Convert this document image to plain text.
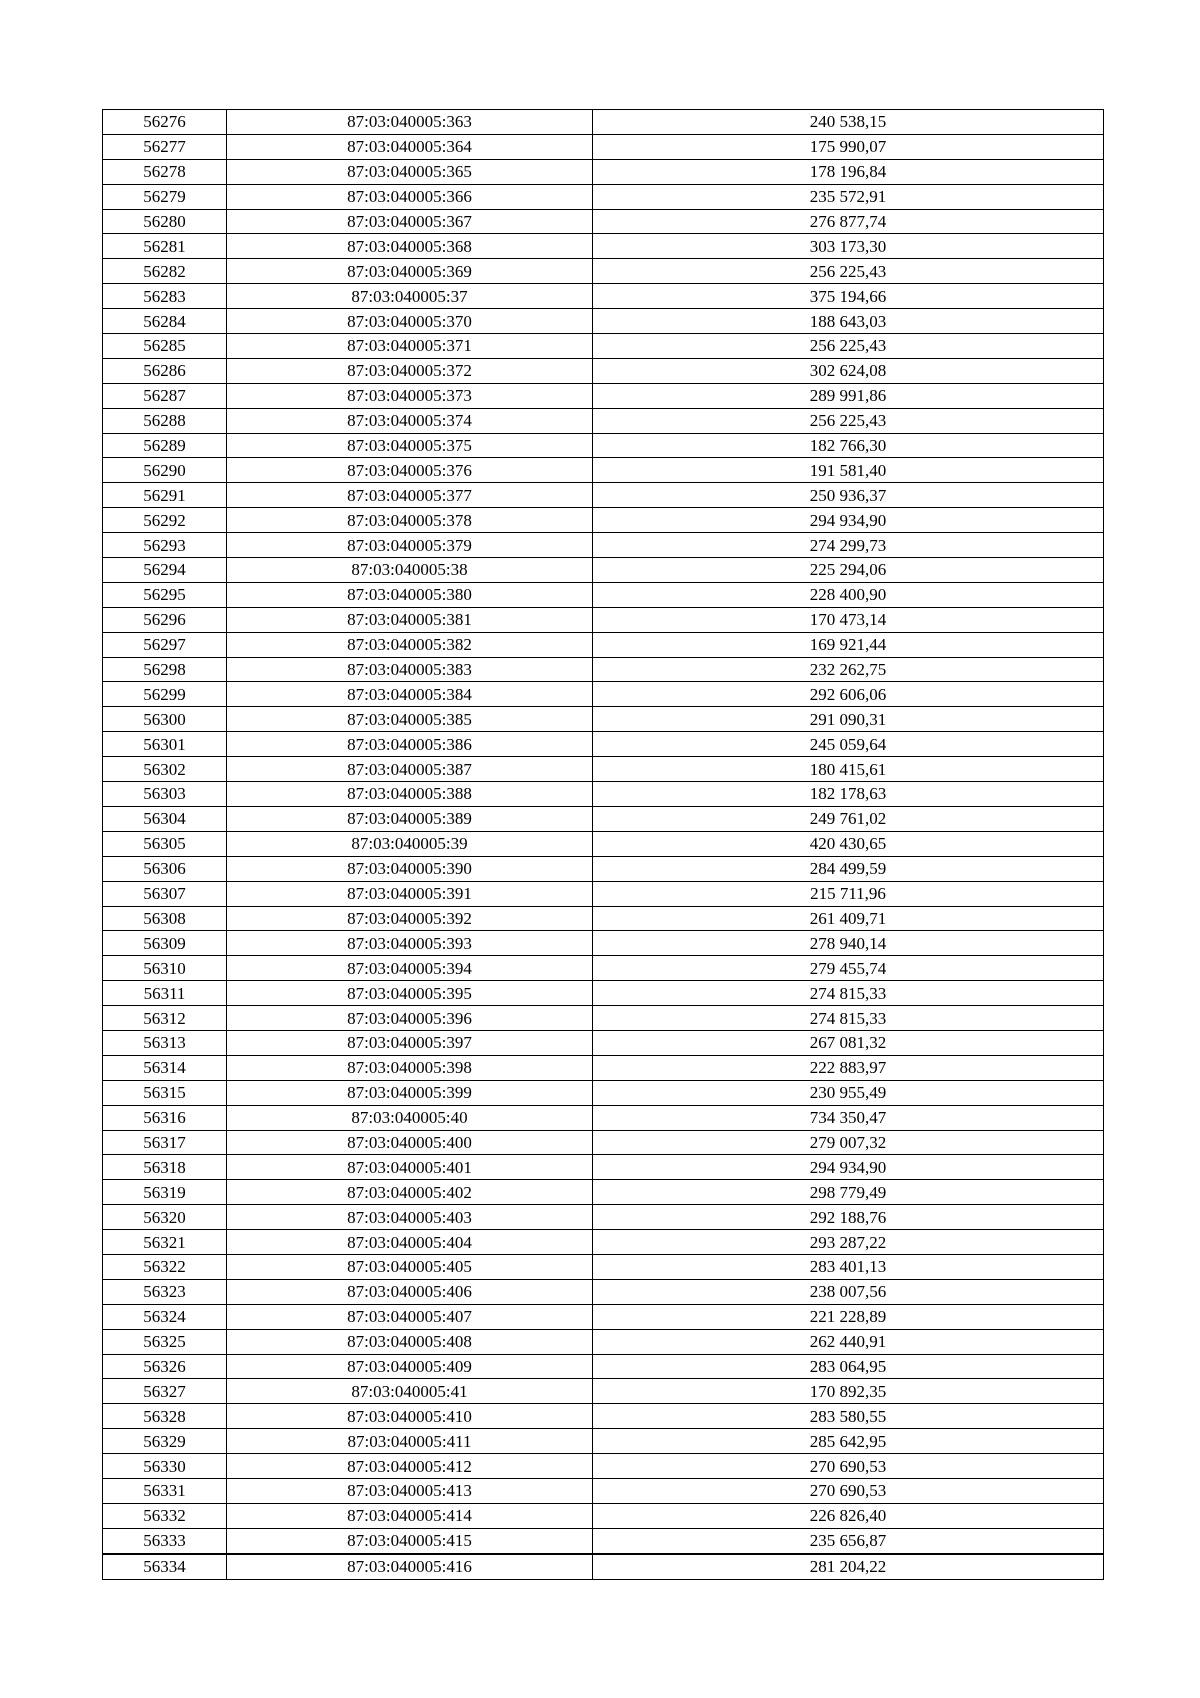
56276	87:03:040005:363	240 538,15
56277	87:03:040005:364	175 990,07
56278	87:03:040005:365	178 196,84
56279	87:03:040005:366	235 572,91
56280	87:03:040005:367	276 877,74
56281	87:03:040005:368	303 173,30
56282	87:03:040005:369	256 225,43
56283	87:03:040005:37	375 194,66
56284	87:03:040005:370	188 643,03
56285	87:03:040005:371	256 225,43
56286	87:03:040005:372	302 624,08
56287	87:03:040005:373	289 991,86
56288	87:03:040005:374	256 225,43
56289	87:03:040005:375	182 766,30
56290	87:03:040005:376	191 581,40
56291	87:03:040005:377	250 936,37
56292	87:03:040005:378	294 934,90
56293	87:03:040005:379	274 299,73
56294	87:03:040005:38	225 294,06
56295	87:03:040005:380	228 400,90
56296	87:03:040005:381	170 473,14
56297	87:03:040005:382	169 921,44
56298	87:03:040005:383	232 262,75
56299	87:03:040005:384	292 606,06
56300	87:03:040005:385	291 090,31
56301	87:03:040005:386	245 059,64
56302	87:03:040005:387	180 415,61
56303	87:03:040005:388	182 178,63
56304	87:03:040005:389	249 761,02
56305	87:03:040005:39	420 430,65
56306	87:03:040005:390	284 499,59
56307	87:03:040005:391	215 711,96
56308	87:03:040005:392	261 409,71
56309	87:03:040005:393	278 940,14
56310	87:03:040005:394	279 455,74
56311	87:03:040005:395	274 815,33
56312	87:03:040005:396	274 815,33
56313	87:03:040005:397	267 081,32
56314	87:03:040005:398	222 883,97
56315	87:03:040005:399	230 955,49
56316	87:03:040005:40	734 350,47
56317	87:03:040005:400	279 007,32
56318	87:03:040005:401	294 934,90
56319	87:03:040005:402	298 779,49
56320	87:03:040005:403	292 188,76
56321	87:03:040005:404	293 287,22
56322	87:03:040005:405	283 401,13
56323	87:03:040005:406	238 007,56
56324	87:03:040005:407	221 228,89
56325	87:03:040005:408	262 440,91
56326	87:03:040005:409	283 064,95
56327	87:03:040005:41	170 892,35
56328	87:03:040005:410	283 580,55
56329	87:03:040005:411	285 642,95
56330	87:03:040005:412	270 690,53
56331	87:03:040005:413	270 690,53
56332	87:03:040005:414	226 826,40
56333	87:03:040005:415	235 656,87
56334	87:03:040005:416	281 204,22
